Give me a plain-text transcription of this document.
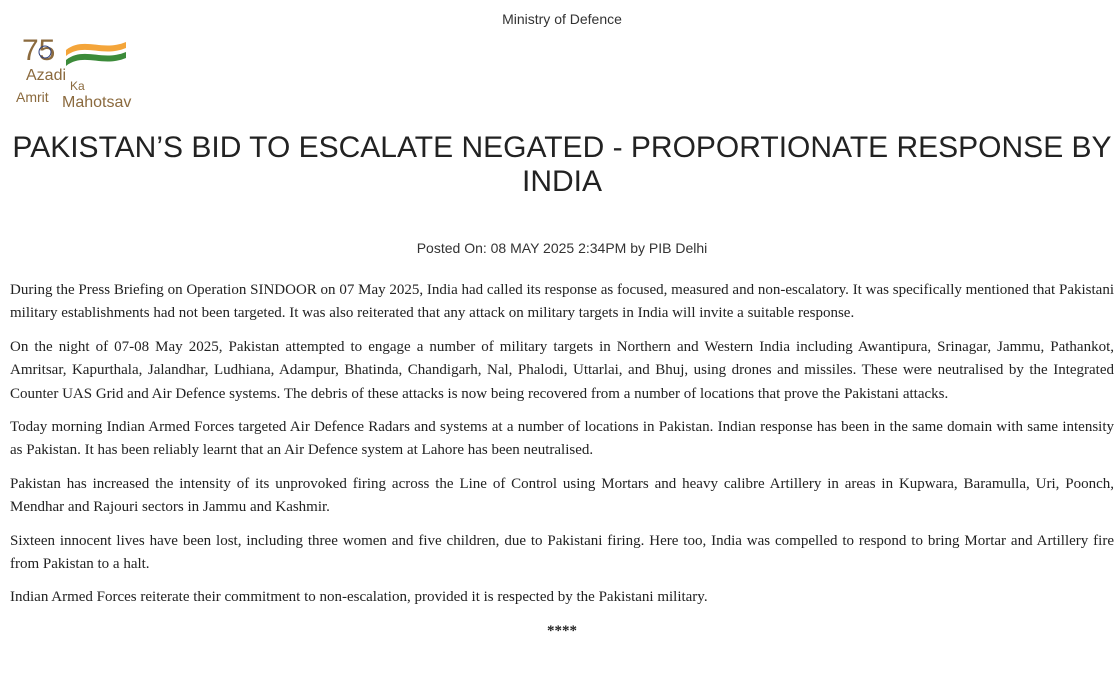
Ministry of Defence
75
Azadi
Ka
Amrit Mahotsav
PAKISTAN’S BID TO ESCALATE NEGATED - PROPORTIONATE RESPONSE BY INDIA
Posted On: 08 MAY 2025 2:34PM by PIB Delhi

During the Press Briefing on Operation SINDOOR on 07 May 2025, India had called its response as focused, measured and non-escalatory. It was specifically mentioned that Pakistani military establishments had not been targeted. It was also reiterated that any attack on military targets in India will invite a suitable response.

On the night of 07-08 May 2025, Pakistan attempted to engage a number of military targets in Northern and Western India including Awantipura, Srinagar, Jammu, Pathankot, Amritsar, Kapurthala, Jalandhar, Ludhiana, Adampur, Bhatinda, Chandigarh, Nal, Phalodi, Uttarlai, and Bhuj, using drones and missiles. These were neutralised by the Integrated Counter UAS Grid and Air Defence systems. The debris of these attacks is now being recovered from a number of locations that prove the Pakistani attacks.

Today morning Indian Armed Forces targeted Air Defence Radars and systems at a number of locations in Pakistan. Indian response has been in the same domain with same intensity as Pakistan. It has been reliably learnt that an Air Defence system at Lahore has been neutralised.

Pakistan has increased the intensity of its unprovoked firing across the Line of Control using Mortars and heavy calibre Artillery in areas in Kupwara, Baramulla, Uri, Poonch, Mendhar and Rajouri sectors in Jammu and Kashmir.

Sixteen innocent lives have been lost, including three women and five children, due to Pakistani firing. Here too, India was compelled to respond to bring Mortar and Artillery fire from Pakistan to a halt.

Indian Armed Forces reiterate their commitment to non-escalation, provided it is respected by the Pakistani military.

****
